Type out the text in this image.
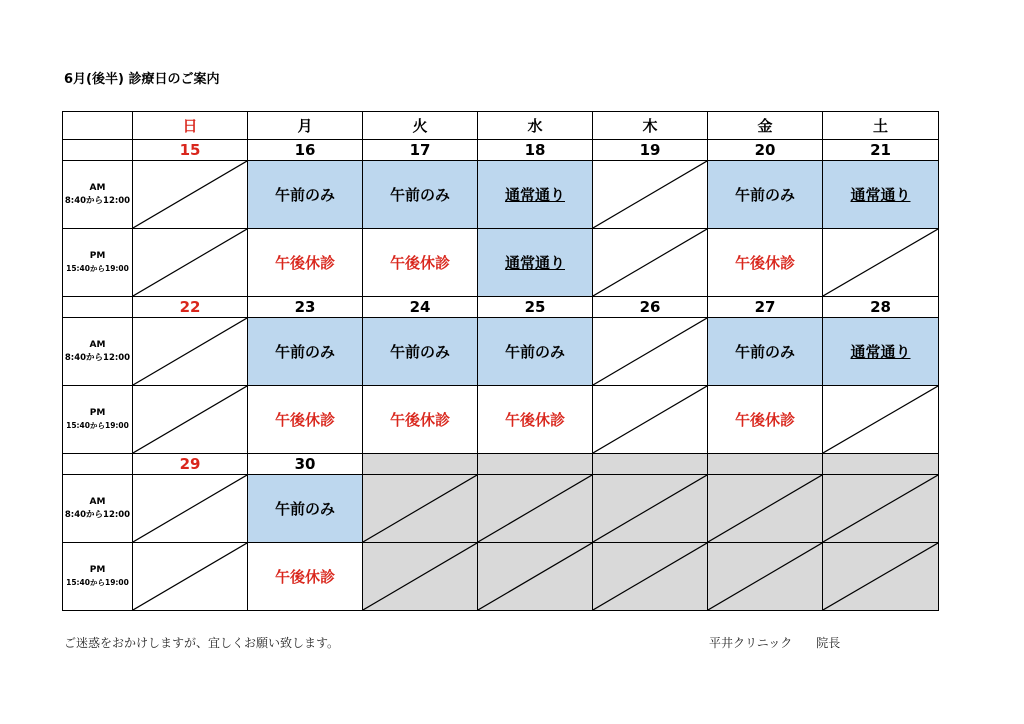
6月(後半) 診療日のご案内
	日	月	火	水	木	金	土
	15	16	17	18	19	20	21

AM
8:40から12:00		午前のみ	午前のみ	通常通り		午前のみ	通常通り

PM
15:40から19:00		午後休診	午後休診	通常通り		午後休診	

	22	23	24	25	26	27	28

AM
8:40から12:00		午前のみ	午前のみ	午前のみ		午前のみ	通常通り

PM
15:40から19:00		午後休診	午後休診	午後休診		午後休診	

	29	30					

AM
8:40から12:00		午前のみ	

PM
15:40から19:00		午後休診	

ご迷惑をおかけしますが、宜しくお願い致します。	平井クリニック　　院長
